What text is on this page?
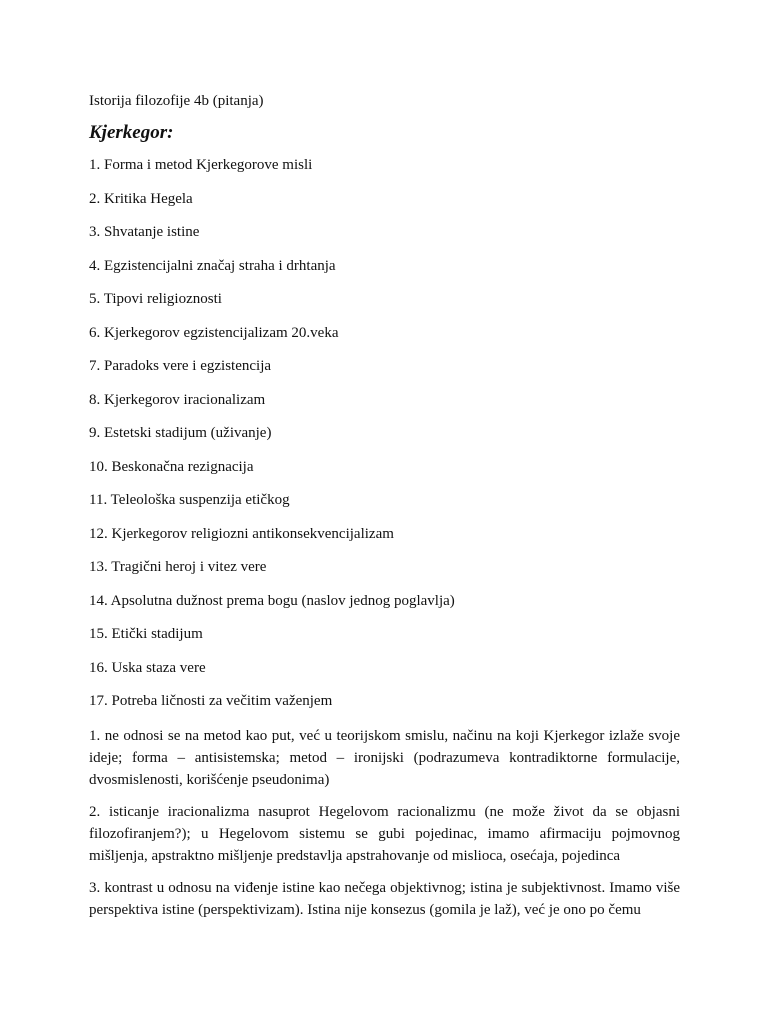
Istorija filozofije 4b (pitanja)

Kjerkegor:
1. Forma i metod Kjerkegorove misli
2. Kritika Hegela
3. Shvatanje istine
4. Egzistencijalni značaj straha i drhtanja
5. Tipovi religioznosti
6. Kjerkegorov egzistencijalizam 20.veka
7. Paradoks vere i egzistencija
8. Kjerkegorov iracionalizam
9. Estetski stadijum (uživanje)
10. Beskonačna rezignacija
11. Teleološka suspenzija etičkog
12. Kjerkegorov religiozni antikonsekvencijalizam
13. Tragični heroj i vitez vere
14. Apsolutna dužnost prema bogu (naslov jednog poglavlja)
15. Etički stadijum
16. Uska staza vere
17. Potreba ličnosti za večitim važenjem

1. ne odnosi se na metod kao put, već u teorijskom smislu, načinu na koji Kjerkegor izlaže svoje ideje; forma – antisistemska; metod – ironijski (podrazumeva kontradiktorne formulacije, dvosmislenosti, korišćenje pseudonima)

2. isticanje iracionalizma nasuprot Hegelovom racionalizmu (ne može život da se objasni filozofiranjem?); u Hegelovom sistemu se gubi pojedinac, imamo afirmaciju pojmovnog mišljenja, apstraktno mišljenje predstavlja apstrahovanje od mislioca, osećaja, pojedinca

3. kontrast u odnosu na viđenje istine kao nečega objektivnog; istina je subjektivnost. Imamo više perspektiva istine (perspektivizam). Istina nije konsezus (gomila je laž), već je ono po čemu
